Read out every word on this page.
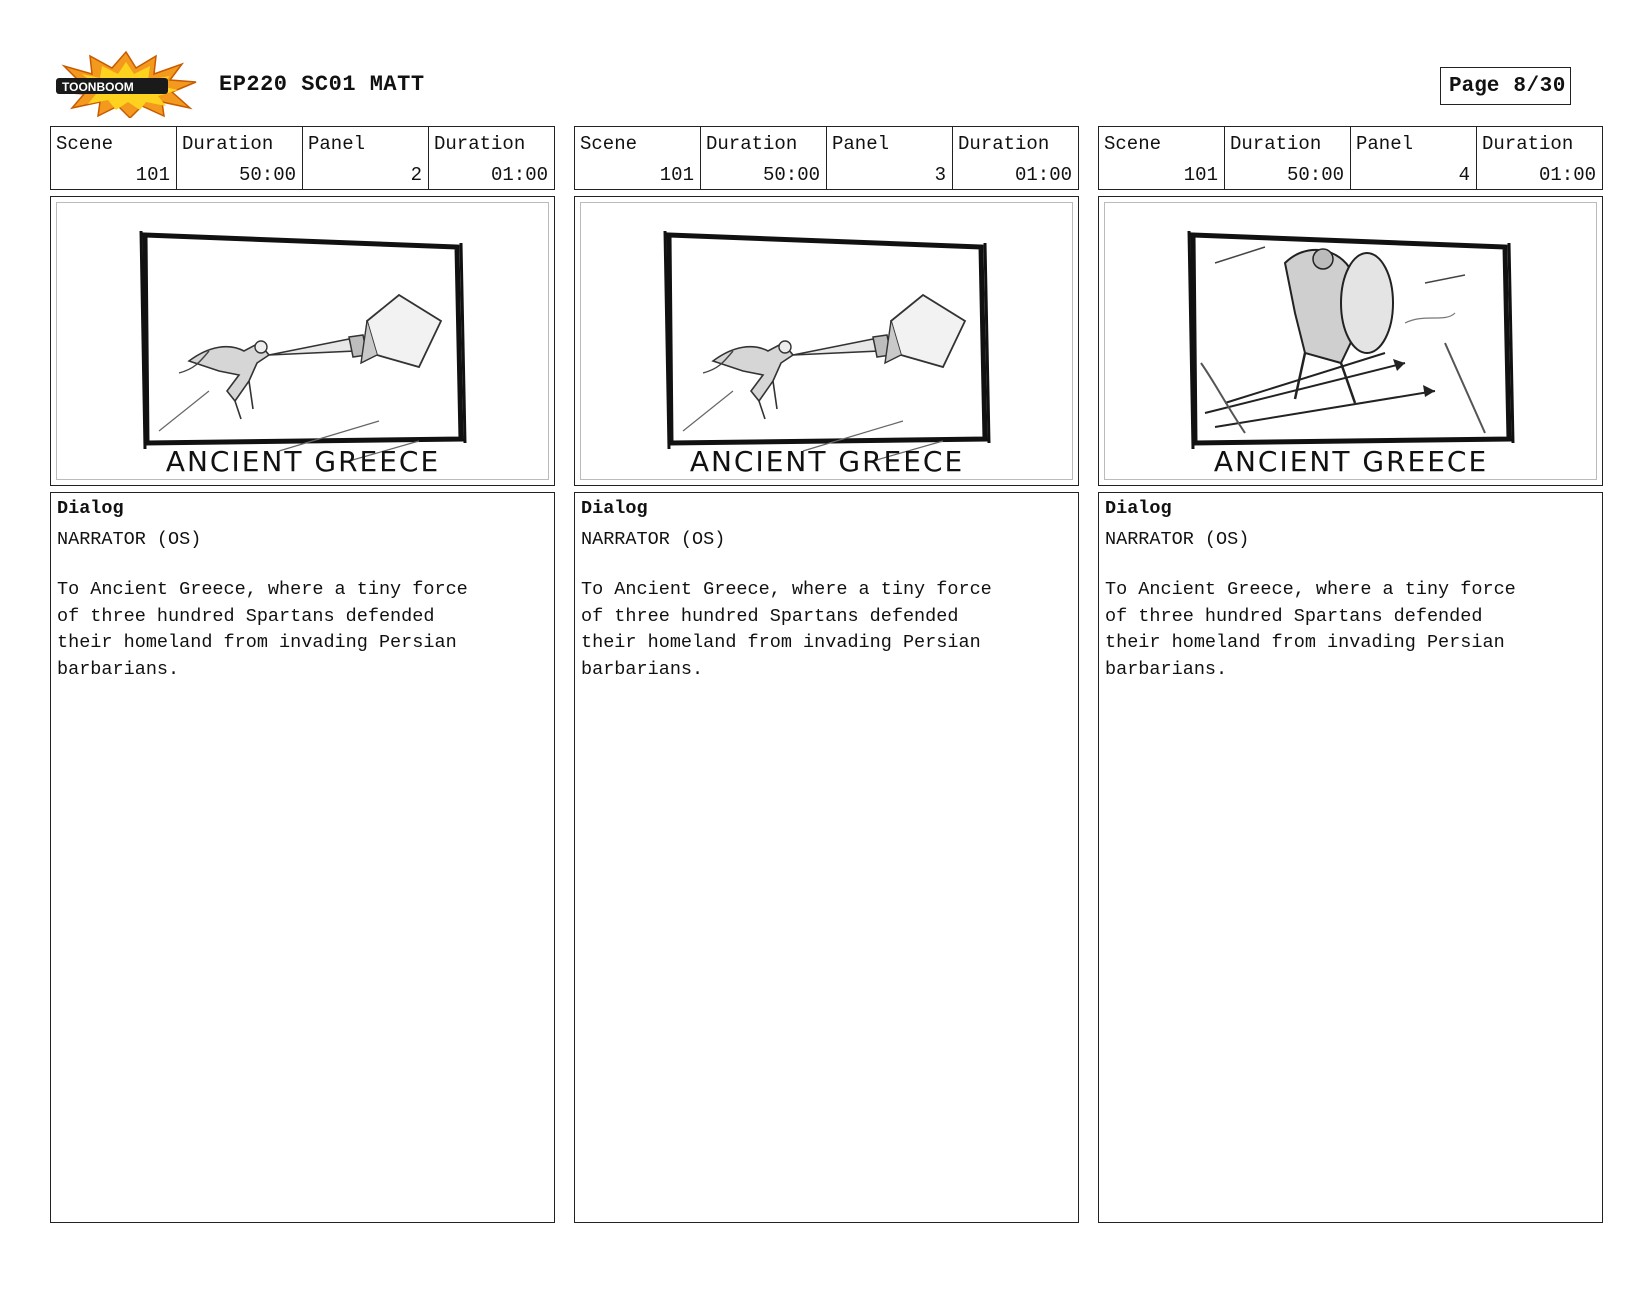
TOONBOOM	EP220 SC01 MATT	Page 8/30
Scene
101
Duration
50:00
Panel
2
Duration
01:00
ANCIENT GREECE
Dialog
NARRATOR (OS)
To Ancient Greece, where a tiny force
of three hundred Spartans defended
their homeland from invading Persian
barbarians.
Scene
101
Duration
50:00
Panel
3
Duration
01:00
ANCIENT GREECE
Dialog
NARRATOR (OS)
To Ancient Greece, where a tiny force
of three hundred Spartans defended
their homeland from invading Persian
barbarians.
Scene
101
Duration
50:00
Panel
4
Duration
01:00
ANCIENT GREECE
Dialog
NARRATOR (OS)
To Ancient Greece, where a tiny force
of three hundred Spartans defended
their homeland from invading Persian
barbarians.
